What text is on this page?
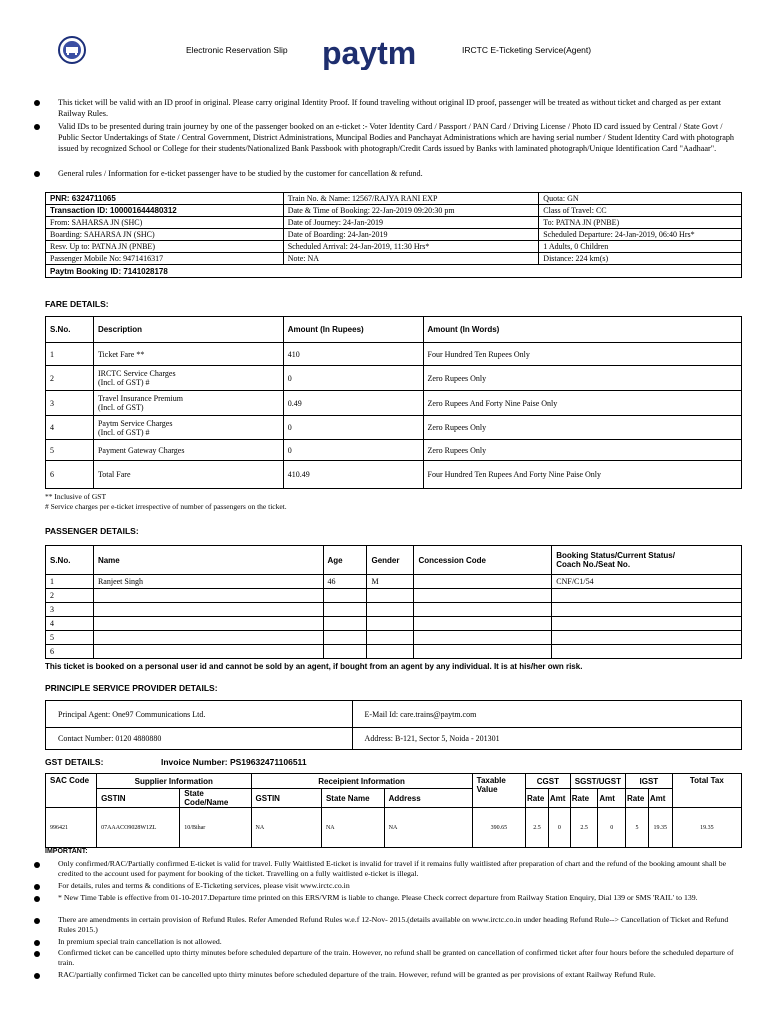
Electronic Reservation Slip paytm	IRCTC E-Ticketing Service(Agent)
This ticket will be valid with an ID proof in original. Please carry original Identity Proof. If found traveling without original ID proof, passenger will be treated as without ticket and charged as per extant Railway Rules.
Valid IDs to be presented during train journey by one of the passenger booked on an e-ticket :- Voter Identity Card / Passport / PAN Card / Driving License / Photo ID card issued by Central / State Govt / Public Sector Undertakings of State / Central Government, District Administrations, Muncipal Bodies and Panchayat Administrations which are having serial number / Student Identity Card with photograph issued by recognized School or College for their students/Nationalized Bank Passbook with photograph/Credit Cards issued by Banks with laminated photograph/Unique Identification Card "Aadhaar".
General rules / Information for e-ticket passenger have to be studied by the customer for cancellation & refund.
PNR: 6324711065	Train No. & Name: 12567/RAJYA RANI EXP	Quota: GN
Transaction ID: 100001644480312	Date & Time of Booking: 22-Jan-2019 09:20:30 pm	Class of Travel: CC
From: SAHARSA JN (SHC)	Date of Journey: 24-Jan-2019	To: PATNA JN (PNBE)
Boarding: SAHARSA JN (SHC)	Date of Boarding: 24-Jan-2019	Scheduled Departure: 24-Jan-2019, 06:40 Hrs*
Resv. Up to: PATNA JN (PNBE)	Scheduled Arrival: 24-Jan-2019, 11:30 Hrs*	1 Adults, 0 Children
Passenger Mobile No: 9471416317	Note: NA	Distance: 224 km(s)
Paytm Booking ID: 7141028178		
FARE DETAILS:
S.No.	Description	Amount (In Rupees)	Amount (In Words)
1	Ticket Fare **	410	Four Hundred Ten Rupees Only
2	IRCTC Service Charges
(Incl. of GST) #	0	Zero Rupees Only
3	Travel Insurance Premium
(Incl. of GST)	0.49	Zero Rupees And Forty Nine Paise Only
4	Paytm Service Charges
(Incl. of GST) #	0	Zero Rupees Only
5	Payment Gateway Charges	0	Zero Rupees Only
6	Total Fare	410.49	Four Hundred Ten Rupees And Forty Nine Paise Only
** Inclusive of GST
# Service charges per e-ticket irrespective of number of passengers on the ticket.
PASSENGER DETAILS:
S.No.	Name	Age	Gender	Concession Code	Booking Status/Current Status/
Coach No./Seat No.
1	Ranjeet Singh	46	M		CNF/C1/54
2					
3					
4					
5					
6					
This ticket is booked on a personal user id and cannot be sold by an agent, if bought from an agent by any individual. It is at his/her own risk.
PRINCIPLE SERVICE PROVIDER DETAILS:
Principal Agent: One97 Communications Ltd.	E-Mail Id: care.trains@paytm.com
Contact Number: 0120 4880880	Address: B-121, Sector 5, Noida - 201301
GST DETAILS:	Invoice Number: PS19632471106511
SAC Code	Supplier Information		Receipient Information			Taxable Value	CGST		SGST/UGST		IGST		Total Tax
	GSTIN	State Code/Name	GSTIN	State Name	Address		Rate	Amt	Rate	Amt	Rate	Amt	
996421	07AAACO9028W1ZL	10/Bihar	NA	NA	NA	390.65	2.5	0	2.5	0	5	19.35	19.35
IMPORTANT:
Only confirmed/RAC/Partially confirmed E-ticket is valid for travel. Fully Waitlisted E-ticket is invalid for travel if it remains fully waitlisted after preparation of chart and the refund of the booking amount shall be credited to the account used for payment for booking of the ticket. Travelling on a fully waitlisted e-ticket is illegal.
For details, rules and terms & conditions of E-Ticketing services, please visit www.irctc.co.in
* New Time Table is effective from 01-10-2017.Departure time printed on this ERS/VRM is liable to change. Please Check correct departure from Railway Station Enquiry, Dial 139 or SMS 'RAIL' to 139.
There are amendments in certain provision of Refund Rules. Refer Amended Refund Rules w.e.f 12-Nov- 2015.(details available on www.irctc.co.in under heading Refund Rule--> Cancellation of Ticket and Refund Rules 2015.)
In premium special train cancellation is not allowed.
Confirmed ticket can be cancelled upto thirty minutes before scheduled departure of the train. However, no refund shall be granted on cancellation of confirmed ticket after four hours before the scheduled departure of train.
RAC/partially confirmed Ticket can be cancelled upto thirty minutes before scheduled departure of the train. However, refund will be granted as per provisions of extant Railway Refund Rule.
